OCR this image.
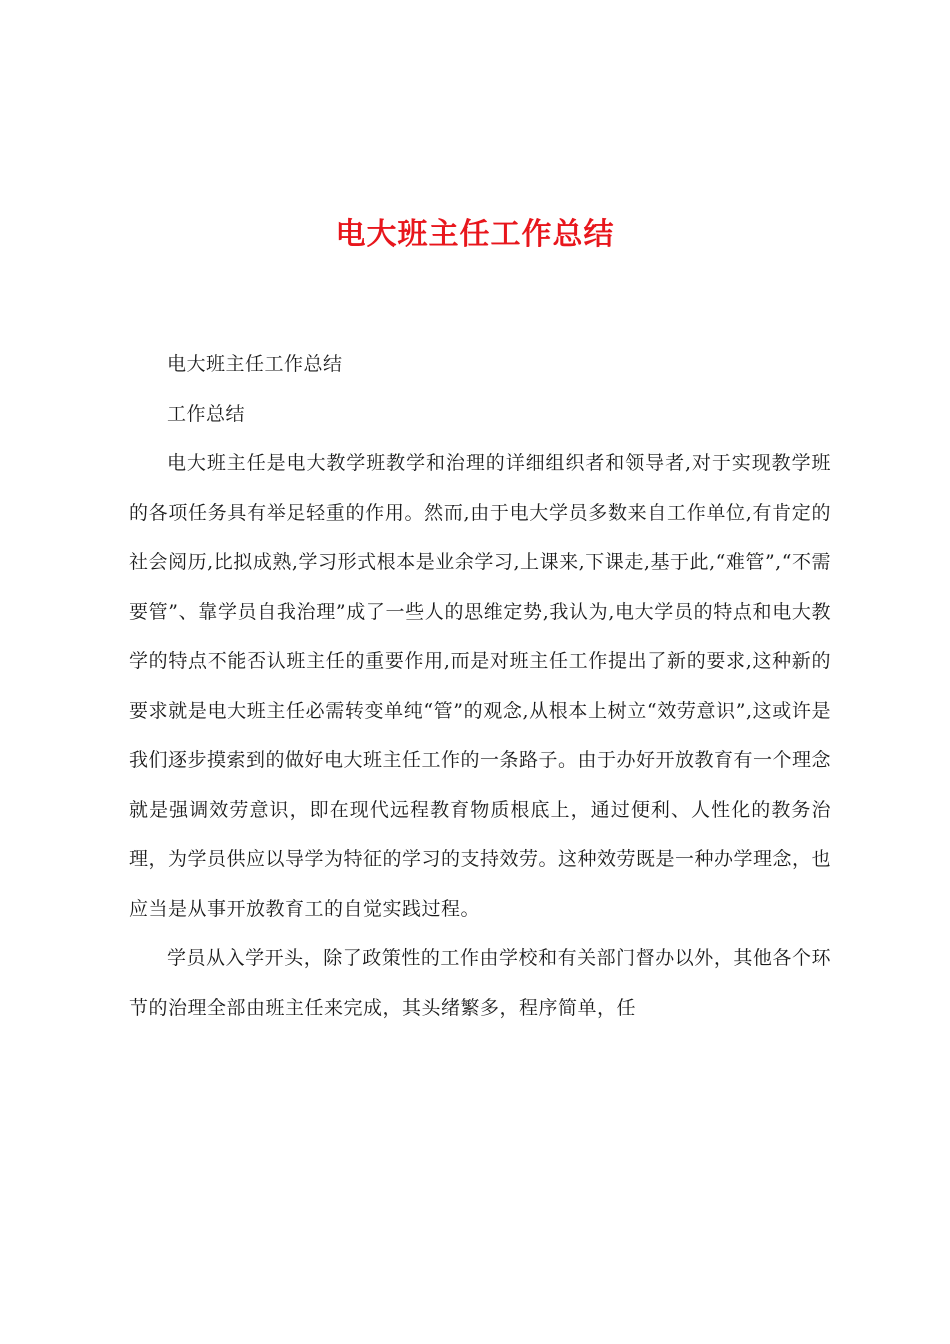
电大班主任工作总结

电大班主任工作总结

工作总结

电大班主任是电大教学班教学和治理的详细组织者和领导者,对于实现教学班的各项任务具有举足轻重的作用。然而,由于电大学员多数来自工作单位,有肯定的社会阅历,比拟成熟,学习形式根本是业余学习,上课来,下课走,基于此,“难管”,“不需要管”、靠学员自我治理”成了一些人的思维定势,我认为,电大学员的特点和电大教学的特点不能否认班主任的重要作用,而是对班主任工作提出了新的要求,这种新的要求就是电大班主任必需转变单纯“管”的观念,从根本上树立“效劳意识”,这或许是我们逐步摸索到的做好电大班主任工作的一条路子。由于办好开放教育有一个理念就是强调效劳意识，即在现代远程教育物质根底上，通过便利、人性化的教务治理，为学员供应以导学为特征的学习的支持效劳。这种效劳既是一种办学理念，也应当是从事开放教育工的自觉实践过程。

学员从入学开头，除了政策性的工作由学校和有关部门督办以外，其他各个环节的治理全部由班主任来完成，其头绪繁多，程序简单，任
